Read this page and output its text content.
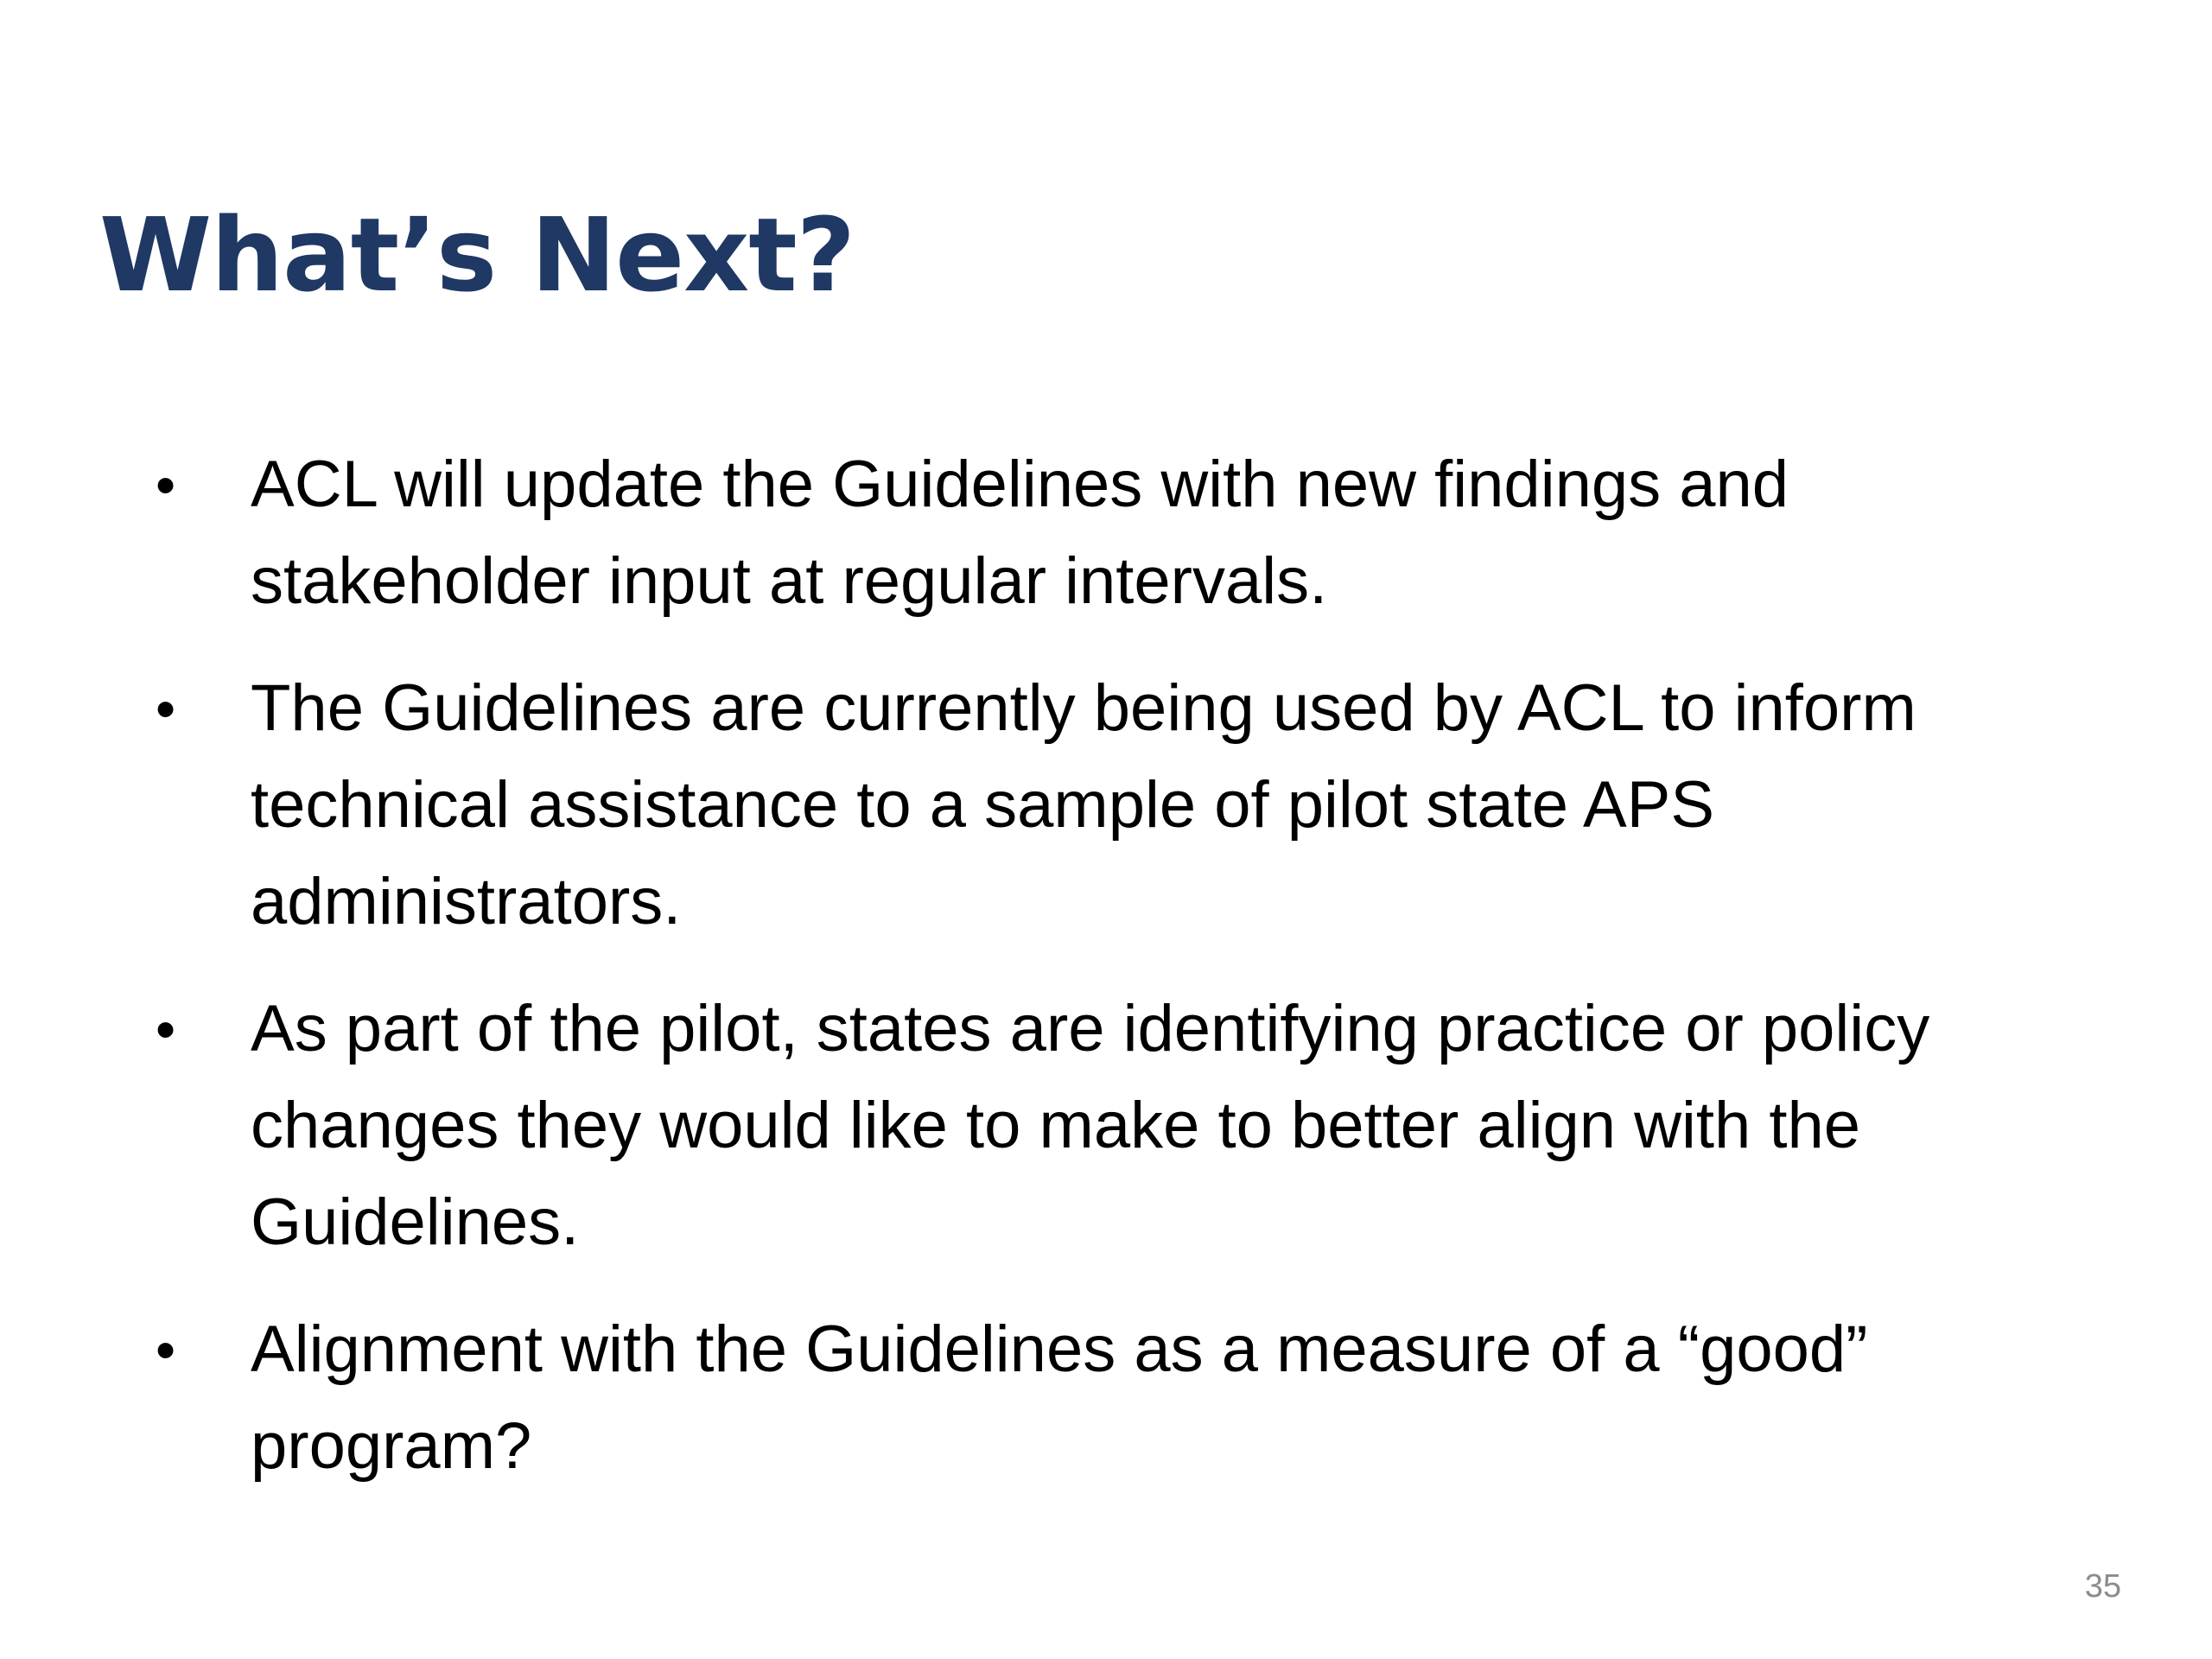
What’s Next?
•	ACL will update the Guidelines with new findings and stakeholder input at regular intervals.
•	The Guidelines are currently being used by ACL to inform technical assistance to a sample of pilot state APS administrators.
•	As part of the pilot, states are identifying practice or policy changes they would like to make to better align with the Guidelines.
•	Alignment with the Guidelines as a measure of a “good” program?
35
